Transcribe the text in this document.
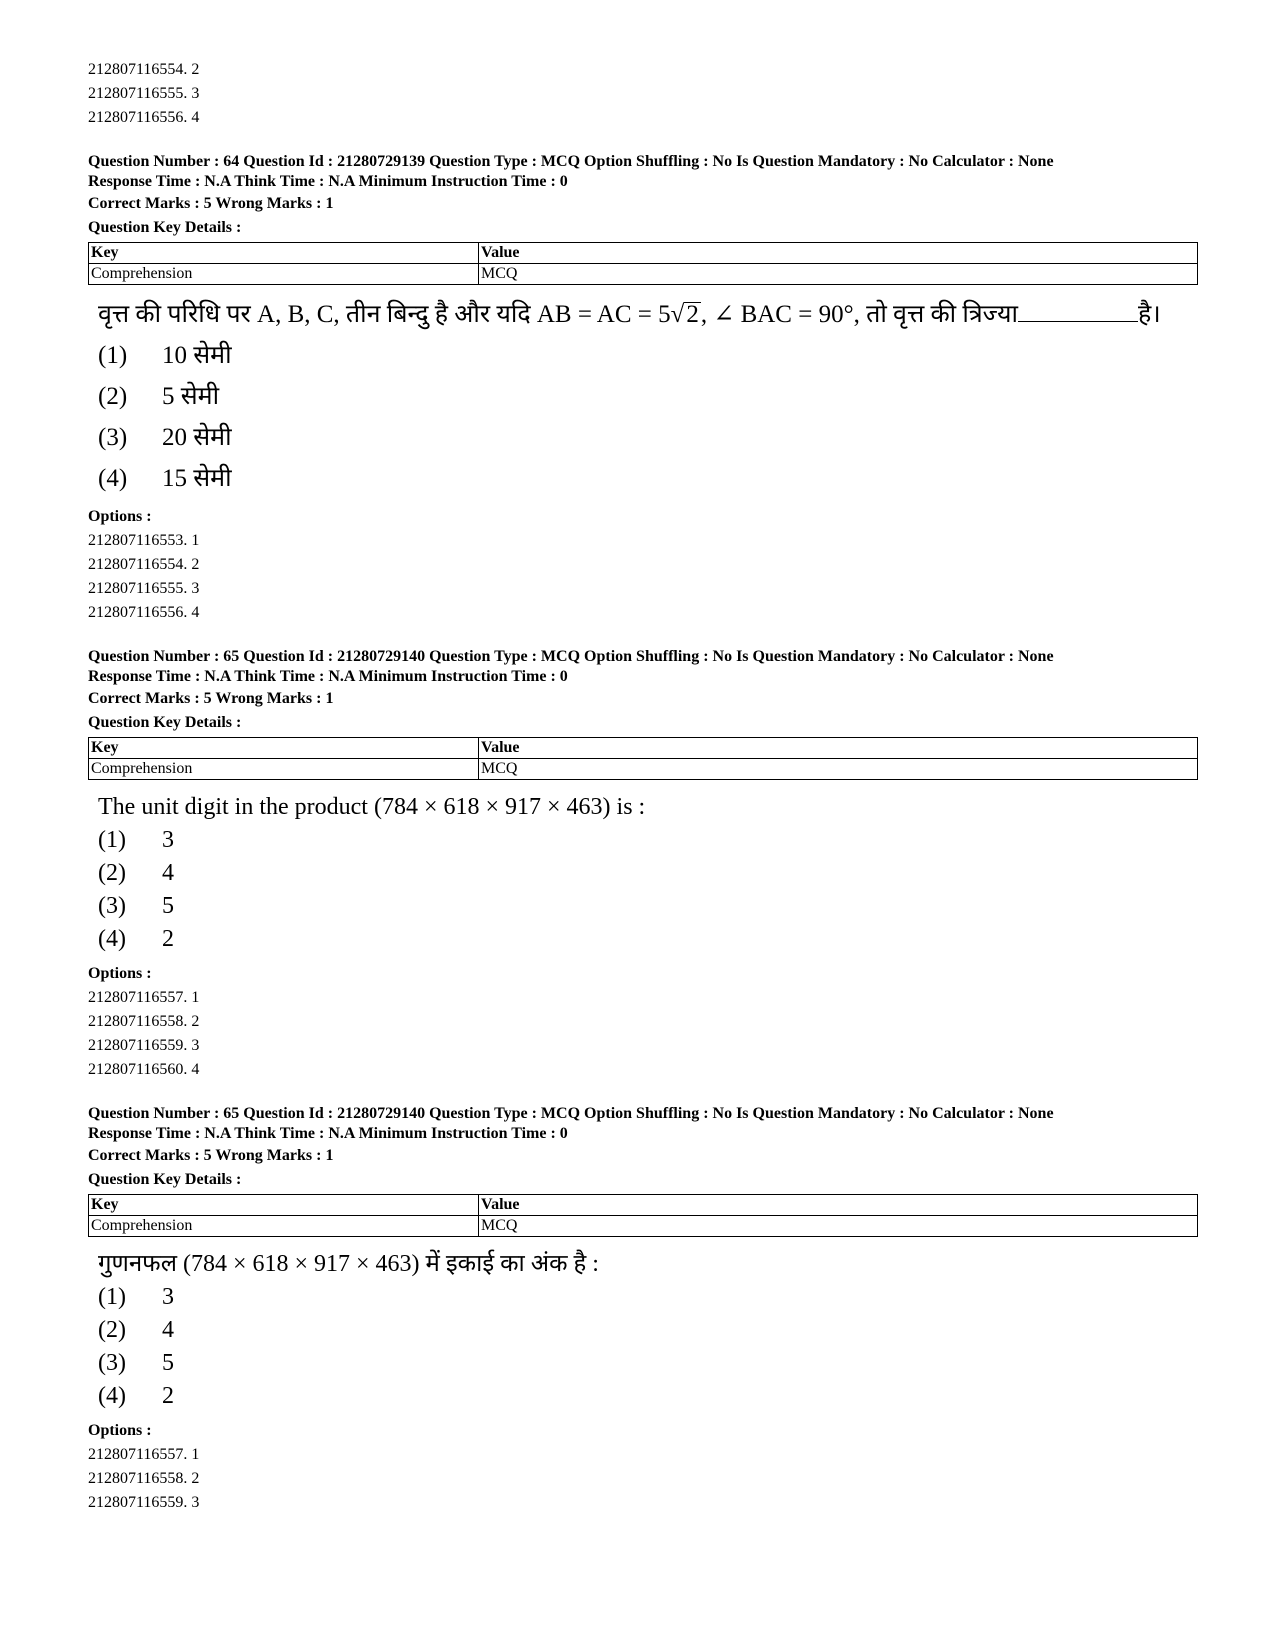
212807116554. 2
212807116555. 3
212807116556. 4
Question Number : 64 Question Id : 21280729139 Question Type : MCQ Option Shuffling : No Is Question Mandatory : No Calculator : None
Response Time : N.A Think Time : N.A Minimum Instruction Time : 0
Correct Marks : 5 Wrong Marks : 1
Question Key Details :
Key	Value
Comprehension	MCQ
वृत्त की परिधि पर A, B, C, तीन बिन्दु है और यदि AB = AC = 5√2, ∠ BAC = 90°, तो वृत्त की त्रिज्या	है।
(1) 10 सेमी
(2) 5 सेमी
(3) 20 सेमी
(4) 15 सेमी
Options :
212807116553. 1
212807116554. 2
212807116555. 3
212807116556. 4
Question Number : 65 Question Id : 21280729140 Question Type : MCQ Option Shuffling : No Is Question Mandatory : No Calculator : None
Response Time : N.A Think Time : N.A Minimum Instruction Time : 0
Correct Marks : 5 Wrong Marks : 1
Question Key Details :
Key	Value
Comprehension	MCQ
The unit digit in the product (784 × 618 × 917 × 463) is :
(1) 3
(2) 4
(3) 5
(4) 2
Options :
212807116557. 1
212807116558. 2
212807116559. 3
212807116560. 4
Question Number : 65 Question Id : 21280729140 Question Type : MCQ Option Shuffling : No Is Question Mandatory : No Calculator : None
Response Time : N.A Think Time : N.A Minimum Instruction Time : 0
Correct Marks : 5 Wrong Marks : 1
Question Key Details :
Key	Value
Comprehension	MCQ
गुणनफल (784 × 618 × 917 × 463) में इकाई का अंक है :
(1) 3
(2) 4
(3) 5
(4) 2
Options :
212807116557. 1
212807116558. 2
212807116559. 3
